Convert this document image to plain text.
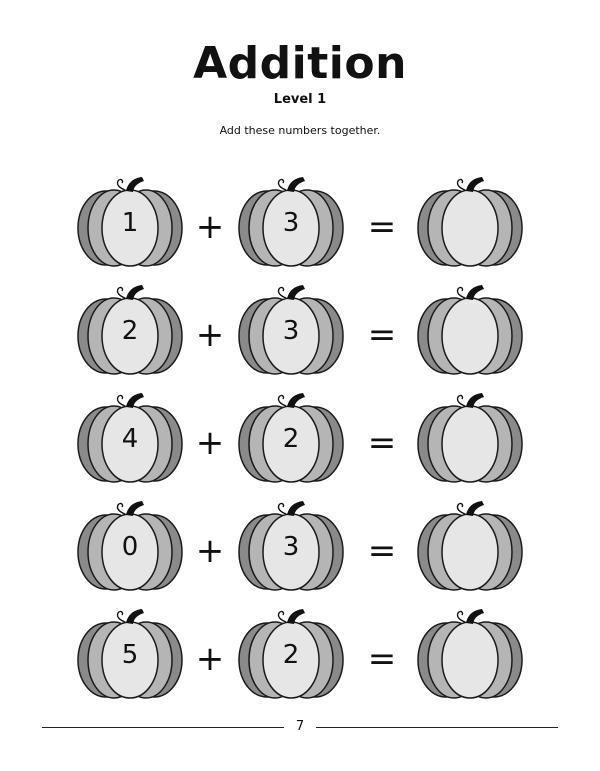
Addition
Level 1
Add these numbers together.
1	+	3	=
2	+	3	=
4	+	2	=
0	+	3	=
5	+	2	=
7
